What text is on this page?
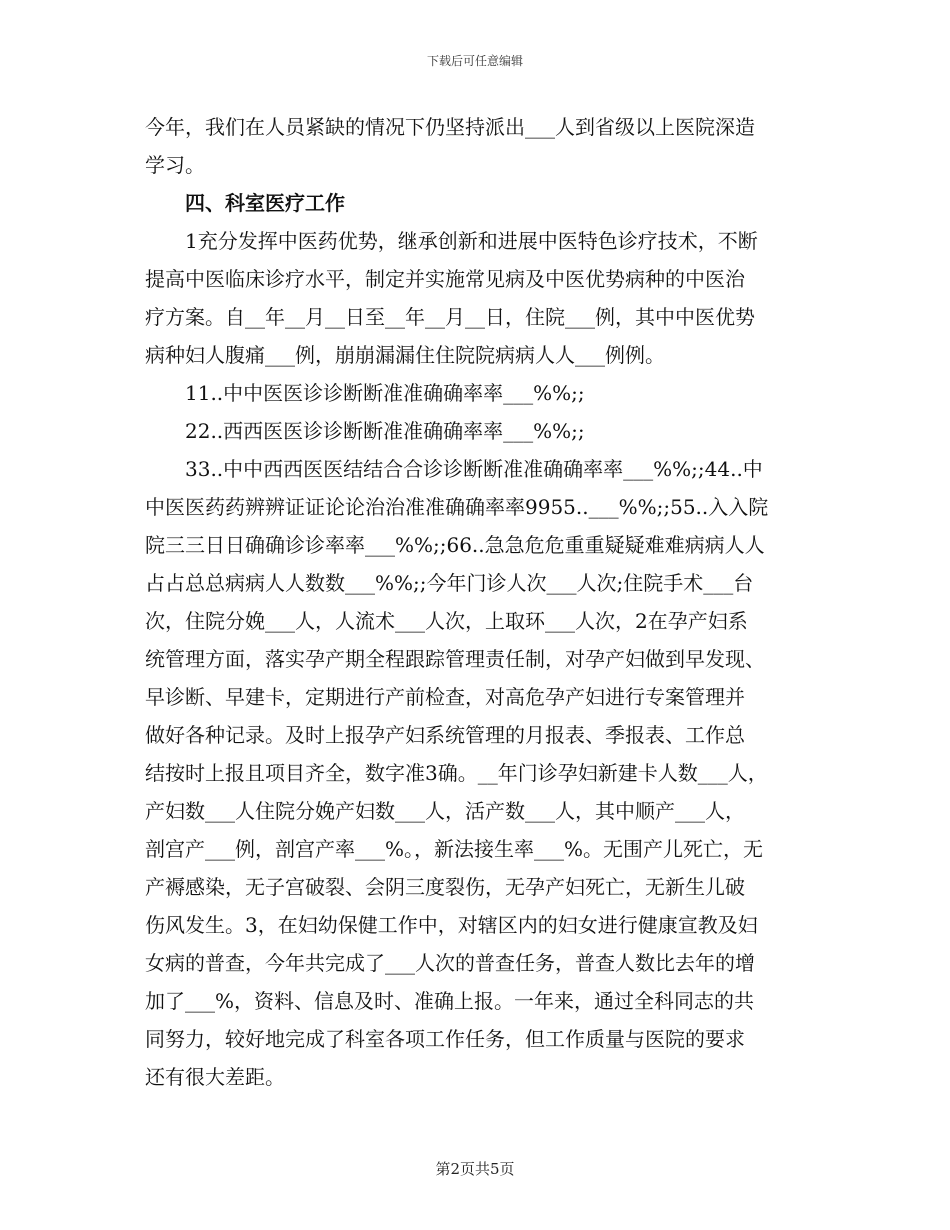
下载后可任意编辑
今年，我们在人员紧缺的情况下仍坚持派出___人到省级以上医院深造
学习。
四、科室医疗工作
1充分发挥中医药优势，继承创新和进展中医特色诊疗技术，不断
提高中医临床诊疗水平，制定并实施常见病及中医优势病种的中医治
疗方案。自__年__月__日至__年__月__日，住院___例，其中中医优势
病种妇人腹痛___例，崩崩漏漏住住院院病病人人___例例。
11..中中医医诊诊断断准准确确率率___%%;;
22..西西医医诊诊断断准准确确率率___%%;;
33..中中西西医医结结合合诊诊断断准准确确率率___%%;;44..中
中医医药药辨辨证证论论治治准准确确率率9955..___%%;;55..入入院
院三三日日确确诊诊率率___%%;;66..急急危危重重疑疑难难病病人人
占占总总病病人人数数___%%;;今年门诊人次___人次;住院手术___台
次，住院分娩___人，人流术___人次，上取环___人次，2在孕产妇系
统管理方面，落实孕产期全程跟踪管理责任制，对孕产妇做到早发现、
早诊断、早建卡，定期进行产前检查，对高危孕产妇进行专案管理并
做好各种记录。及时上报孕产妇系统管理的月报表、季报表、工作总
结按时上报且项目齐全，数字准3确。__年门诊孕妇新建卡人数___人，
产妇数___人住院分娩产妇数___人，活产数___人，其中顺产___人，
剖宫产___例，剖宫产率___%。，新法接生率___%。无围产儿死亡，无
产褥感染，无子宫破裂、会阴三度裂伤，无孕产妇死亡，无新生儿破
伤风发生。3，在妇幼保健工作中，对辖区内的妇女进行健康宣教及妇
女病的普查，今年共完成了___人次的普查任务，普查人数比去年的增
加了___%，资料、信息及时、准确上报。一年来，通过全科同志的共
同努力，较好地完成了科室各项工作任务，但工作质量与医院的要求
还有很大差距。
第2页共5页
